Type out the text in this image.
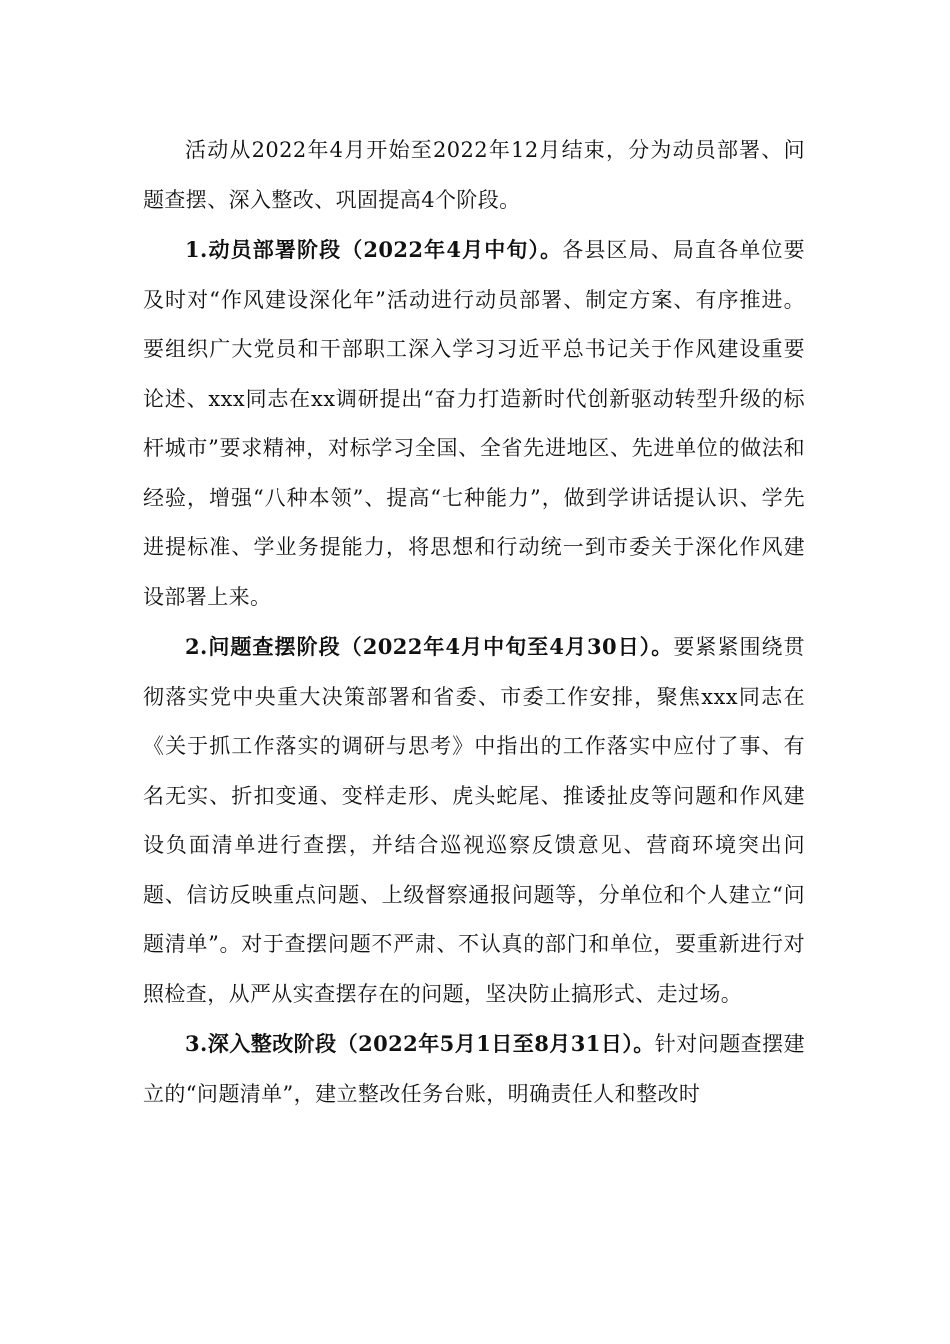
活动从2022年4月开始至2022年12月结束，分为动员部署、问题查摆、深入整改、巩固提高4个阶段。

1.动员部署阶段（2022年4月中旬）。各县区局、局直各单位要及时对“作风建设深化年”活动进行动员部署、制定方案、有序推进。要组织广大党员和干部职工深入学习习近平总书记关于作风建设重要论述、xxx同志在xx调研提出“奋力打造新时代创新驱动转型升级的标杆城市”要求精神，对标学习全国、全省先进地区、先进单位的做法和经验，增强“八种本领”、提高“七种能力”，做到学讲话提认识、学先进提标准、学业务提能力，将思想和行动统一到市委关于深化作风建设部署上来。

2.问题查摆阶段（2022年4月中旬至4月30日）。要紧紧围绕贯彻落实党中央重大决策部署和省委、市委工作安排，聚焦xxx同志在《关于抓工作落实的调研与思考》中指出的工作落实中应付了事、有名无实、折扣变通、变样走形、虎头蛇尾、推诿扯皮等问题和作风建设负面清单进行查摆，并结合巡视巡察反馈意见、营商环境突出问题、信访反映重点问题、上级督察通报问题等，分单位和个人建立“问题清单”。对于查摆问题不严肃、不认真的部门和单位，要重新进行对照检查，从严从实查摆存在的问题，坚决防止搞形式、走过场。

3.深入整改阶段（2022年5月1日至8月31日）。针对问题查摆建立的“问题清单”，建立整改任务台账，明确责任人和整改时
